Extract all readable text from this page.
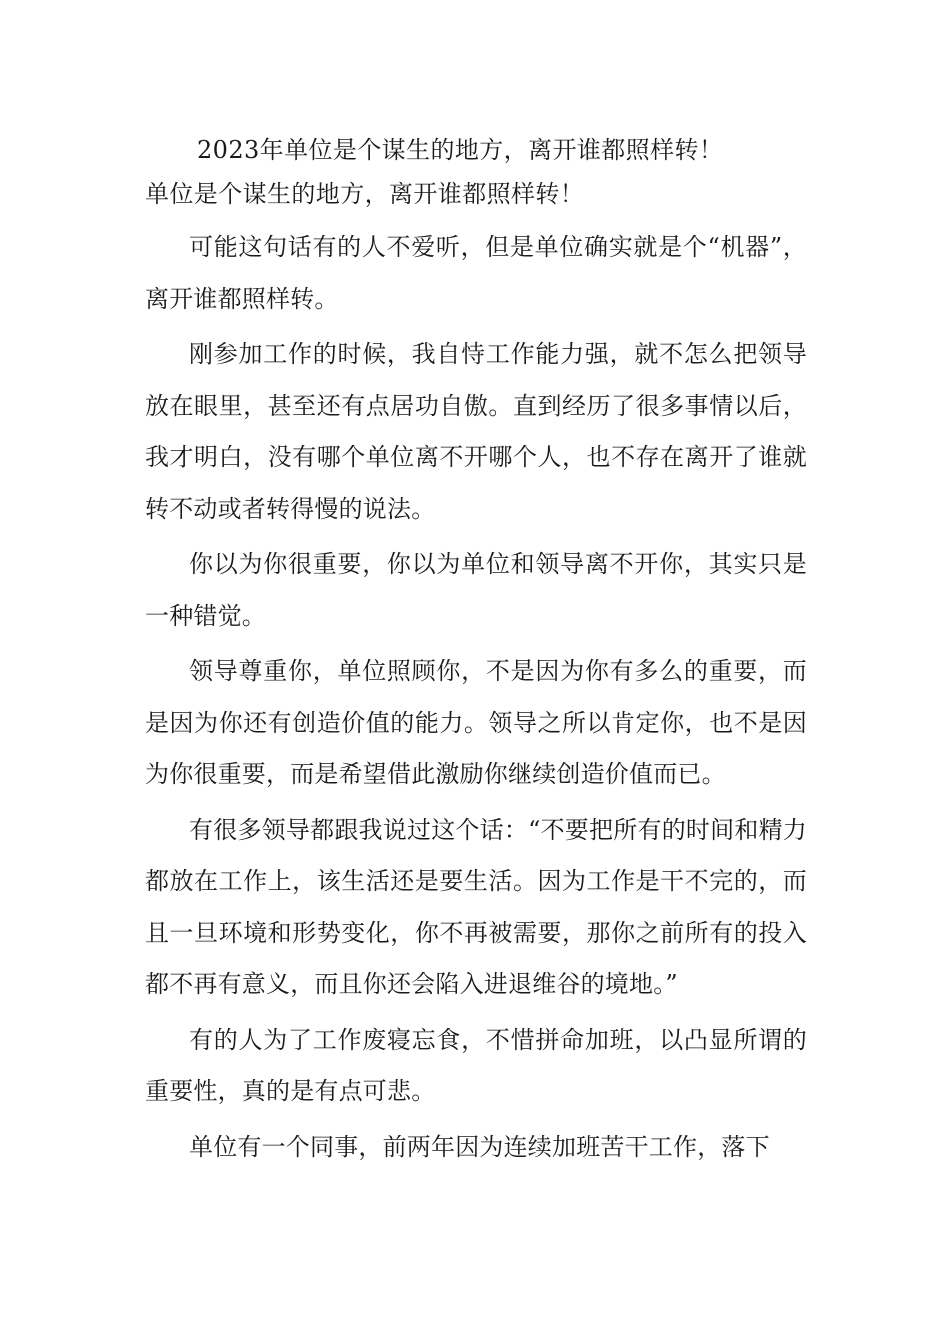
2023年单位是个谋生的地方，离开谁都照样转！

单位是个谋生的地方，离开谁都照样转！

可能这句话有的人不爱听，但是单位确实就是个“机器”，离开谁都照样转。

刚参加工作的时候，我自恃工作能力强，就不怎么把领导放在眼里，甚至还有点居功自傲。直到经历了很多事情以后，我才明白，没有哪个单位离不开哪个人，也不存在离开了谁就转不动或者转得慢的说法。

你以为你很重要，你以为单位和领导离不开你，其实只是一种错觉。

领导尊重你，单位照顾你，不是因为你有多么的重要，而是因为你还有创造价值的能力。领导之所以肯定你，也不是因为你很重要，而是希望借此激励你继续创造价值而已。

有很多领导都跟我说过这个话：“不要把所有的时间和精力都放在工作上，该生活还是要生活。因为工作是干不完的，而且一旦环境和形势变化，你不再被需要，那你之前所有的投入都不再有意义，而且你还会陷入进退维谷的境地。”

有的人为了工作废寝忘食，不惜拼命加班，以凸显所谓的重要性，真的是有点可悲。

单位有一个同事，前两年因为连续加班苦干工作，落下
